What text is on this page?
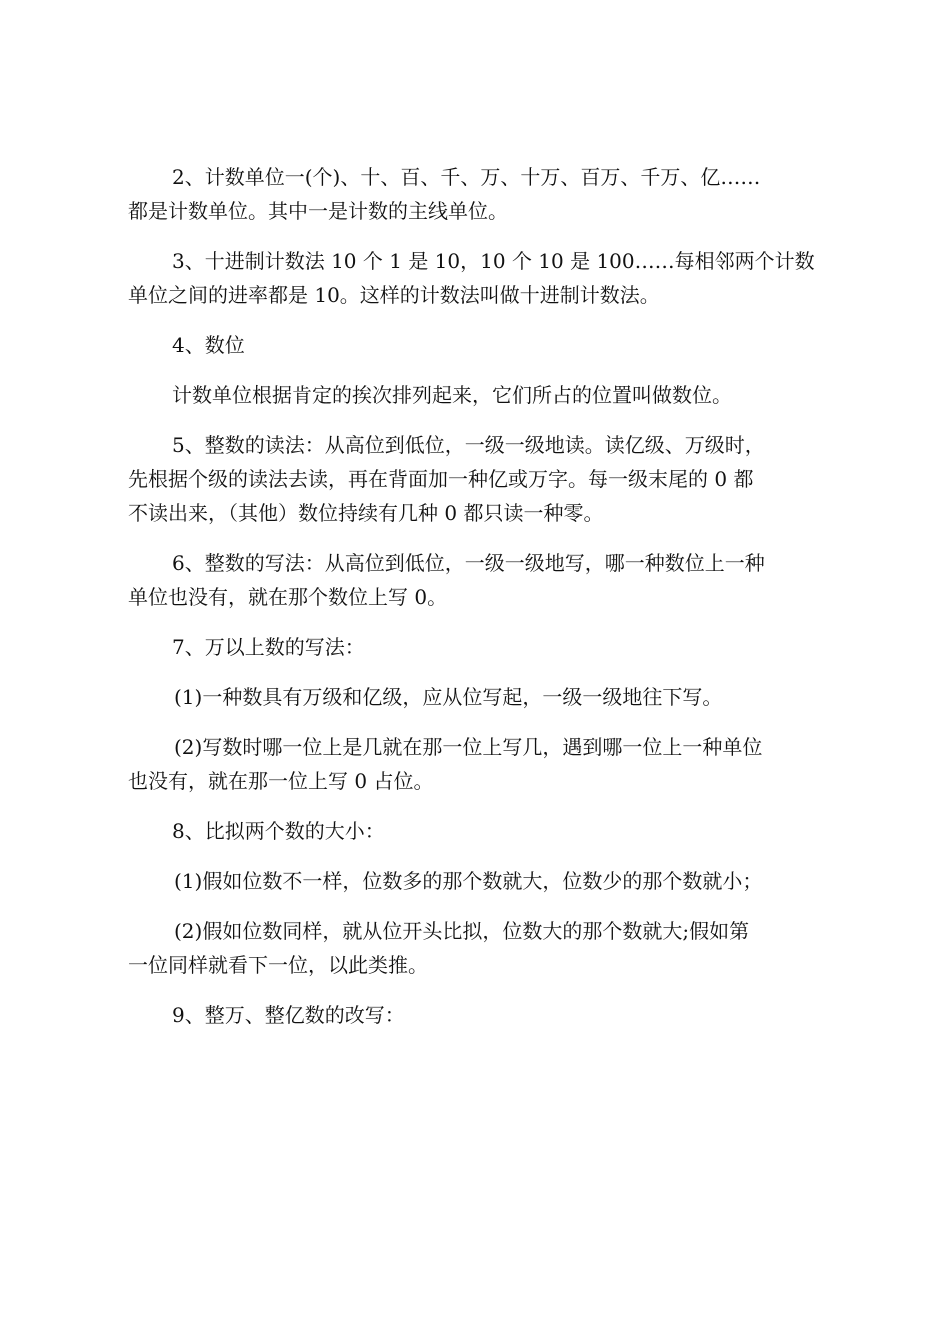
2、计数单位一(个)、十、百、千、万、十万、百万、千万、亿……
都是计数单位。其中一是计数的主线单位。
3、十进制计数法 10 个 1 是 10，10 个 10 是 100……每相邻两个计数
单位之间的进率都是 10。这样的计数法叫做十进制计数法。
4、数位
计数单位根据肯定的挨次排列起来，它们所占的位置叫做数位。
5、整数的读法：从高位到低位，一级一级地读。读亿级、万级时，
先根据个级的读法去读，再在背面加一种亿或万字。每一级末尾的 0 都
不读出来，（其他）数位持续有几种 0 都只读一种零。
6、整数的写法：从高位到低位，一级一级地写，哪一种数位上一种
单位也没有，就在那个数位上写 0。
7、万以上数的写法：
(1)一种数具有万级和亿级，应从位写起，一级一级地往下写。
(2)写数时哪一位上是几就在那一位上写几，遇到哪一位上一种单位
也没有，就在那一位上写 0 占位。
8、比拟两个数的大小：
(1)假如位数不一样，位数多的那个数就大，位数少的那个数就小；
(2)假如位数同样，就从位开头比拟，位数大的那个数就大;假如第
一位同样就看下一位，以此类推。
9、整万、整亿数的改写：
